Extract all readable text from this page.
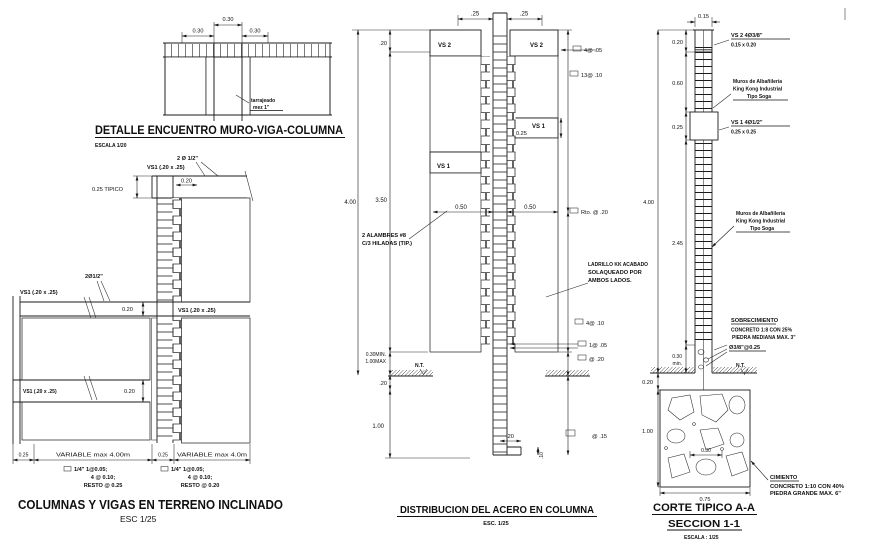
0.30
0.30	0.30
tarrajeado
mez 1"
DETALLE ENCUENTRO MURO-VIGA-COLUMNA
ESCALA 1/20
2 Ø 1/2"
VS1 (.20 x .25)
0.20
0.25 TIPICO
2Ø1/2"
VS1 (.20 x .25)
0.20	VS1 (.20 x .25)
VS1 (.20 x .25)	0.20
0.25	VARIABLE max 4.00m	0.25 VARIABLE max 4.0m
1/4" 1@0.05;
4 @ 0.10;
RESTO @ 0.25
1/4" 1@0.05;
4 @ 0.10;
RESTO @ 0.20
COLUMNAS Y VIGAS EN TERRENO INCLINADO
ESC 1/25
4.00
.20
3.50
0.30MIN.
1.00MAX
.20
1.00
VS 2	VS 2
.25	.25
VS 1
VS 1
0.25
0.50	0.50
2 ALAMBRES #8
C/3 HILADAS (TIP.)
LADRILLO KK ACABADO
SOLAQUEADO POR
AMBOS LADOS.
N.T.
4@ .05
13@ .10
Rto. @ .20
4@ .10
1@ .05
@ .20
@ .15
.20
.10
DISTRIBUCION DEL ACERO EN COLUMNA
ESC. 1/25
0.15
0.20
0.60
0.25
2.45
4.00
0.30
min.
0.20
1.00
VS 2 4Ø3/8"
0.15 x 0.20
Muros de Albañilería
King Kong Industrial
Tipo Soga
VS 1 4Ø1/2"
0.25 x 0.25
Muros de Albañilería
King Kong Industrial
Tipo Soga
SOBRECIMIENTO
CONCRETO 1:8 CON 25%
PIEDRA MEDIANA MAX. 3"
Ø3/8"@0.25
N.T.
0.30
0.75
CIMIENTO
CONCRETO 1:10 CON 40%
PIEDRA GRANDE MAX. 6"
CORTE TIPICO A-A
SECCION 1-1
ESCALA : 1/25
